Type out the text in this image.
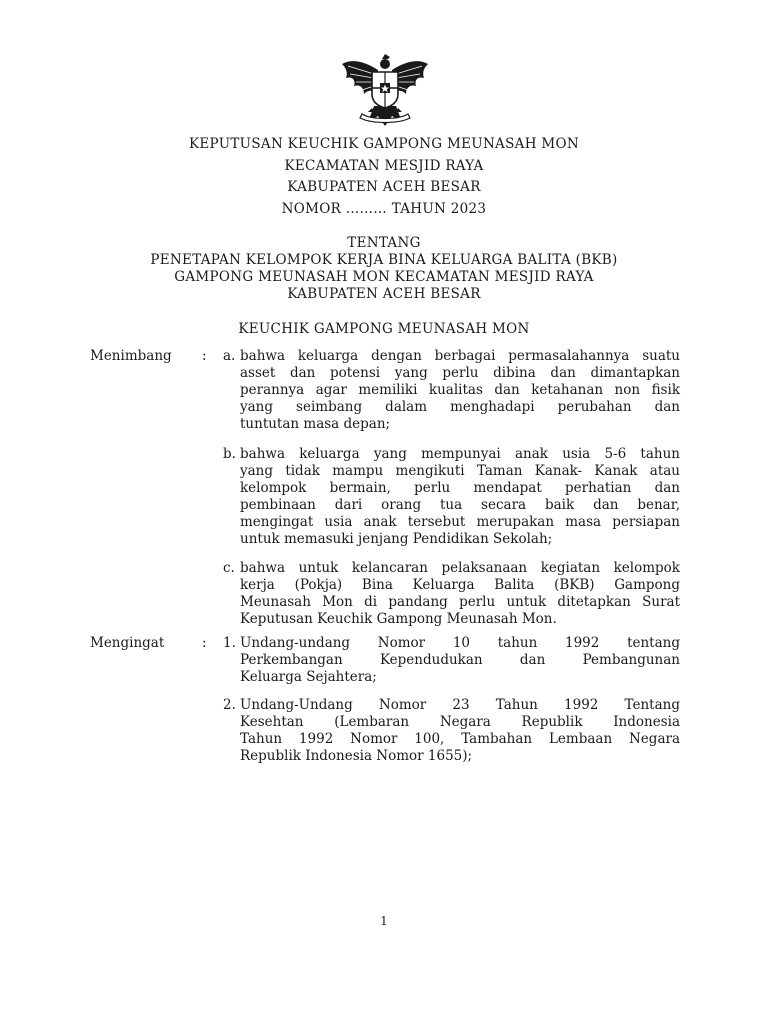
KEPUTUSAN KEUCHIK GAMPONG MEUNASAH MON
KECAMATAN MESJID RAYA
KABUPATEN ACEH BESAR
NOMOR ……… TAHUN 2023
TENTANG
PENETAPAN KELOMPOK KERJA BINA KELUARGA BALITA (BKB)
GAMPONG MEUNASAH MON KECAMATAN MESJID RAYA
KABUPATEN ACEH BESAR
KEUCHIK GAMPONG MEUNASAH MON
Menimbang : a. bahwa keluarga dengan berbagai permasalahannya suatu
asset dan potensi yang perlu dibina dan dimantapkan
perannya agar memiliki kualitas dan ketahanan non fisik
yang seimbang dalam menghadapi perubahan dan
tuntutan masa depan;
b. bahwa keluarga yang mempunyai anak usia 5-6 tahun
yang tidak mampu mengikuti Taman Kanak- Kanak atau
kelompok bermain, perlu mendapat perhatian dan
pembinaan dari orang tua secara baik dan benar,
mengingat usia anak tersebut merupakan masa persiapan
untuk memasuki jenjang Pendidikan Sekolah;
c. bahwa untuk kelancaran pelaksanaan kegiatan kelompok
kerja (Pokja) Bina Keluarga Balita (BKB) Gampong
Meunasah Mon di pandang perlu untuk ditetapkan Surat
Keputusan Keuchik Gampong Meunasah Mon.
Mengingat	: 1. Undang-undang Nomor 10 tahun 1992 tentang
Perkembangan Kependudukan dan Pembangunan
Keluarga Sejahtera;
2. Undang-Undang Nomor 23 Tahun 1992 Tentang
Kesehtan (Lembaran Negara Republik Indonesia
Tahun 1992 Nomor 100, Tambahan Lembaan Negara
Republik Indonesia Nomor 1655);
1
